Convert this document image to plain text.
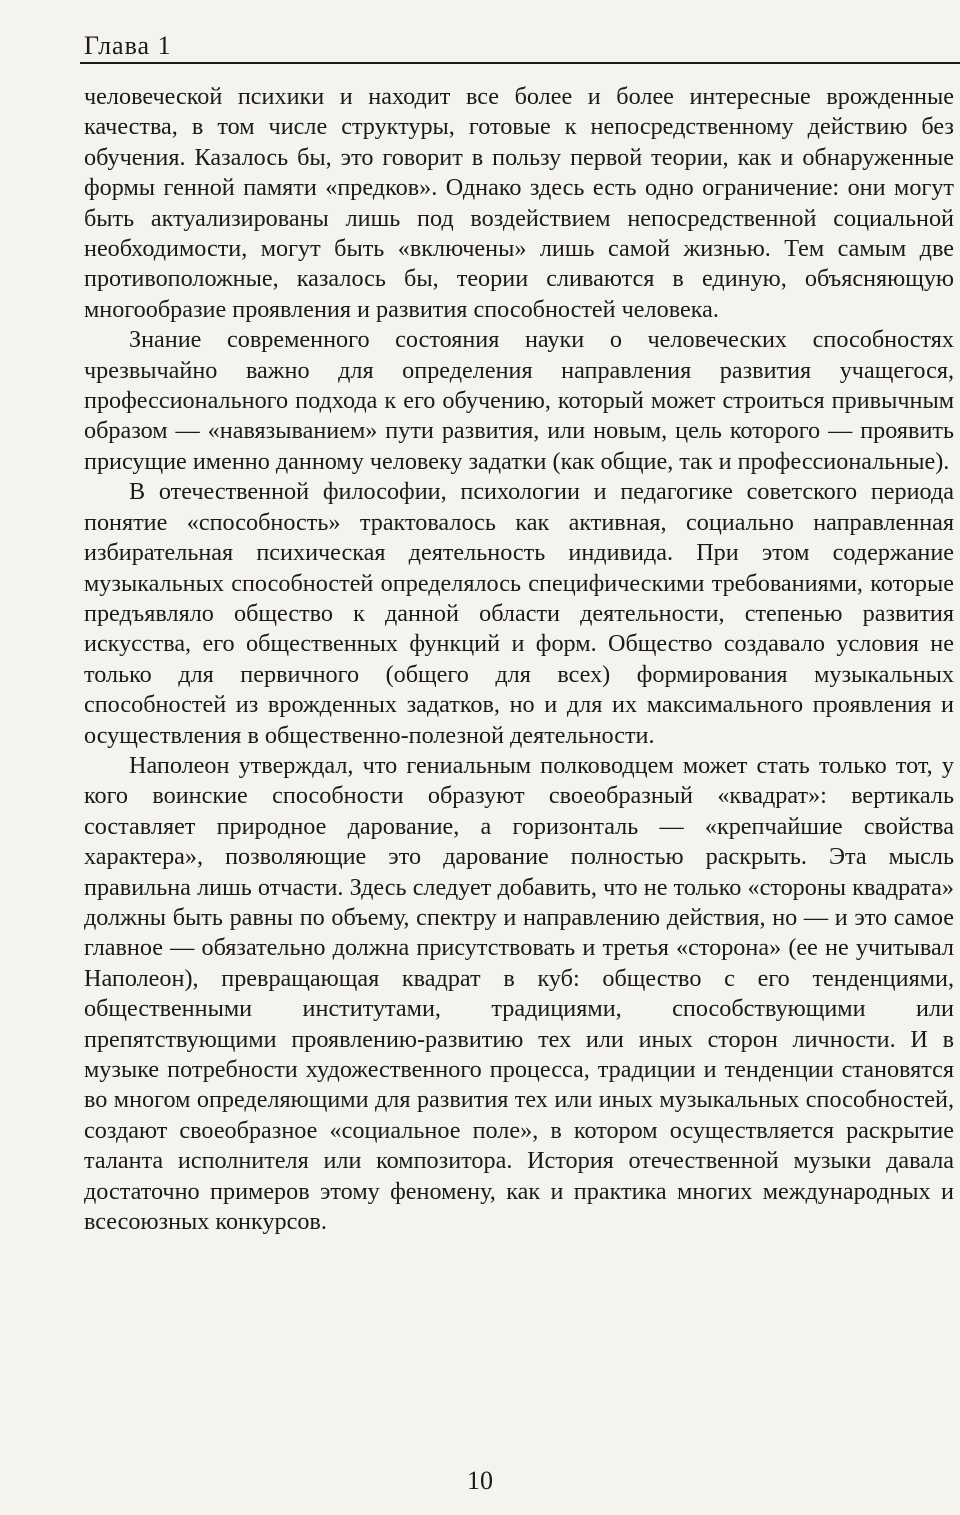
Глава 1

человеческой психики и находит все более и более интересные врожденные качества, в том числе структуры, готовые к непосредственному действию без обучения. Казалось бы, это говорит в пользу первой теории, как и обнаруженные формы генной памяти «предков». Однако здесь есть одно ограничение: они могут быть актуализированы лишь под воздействием непосредственной социальной необходимости, могут быть «включены» лишь самой жизнью. Тем самым две противоположные, казалось бы, теории сливаются в единую, объясняющую многообразие проявления и развития способностей человека.

Знание современного состояния науки о человеческих способностях чрезвычайно важно для определения направления развития учащегося, профессионального подхода к его обучению, который может строиться привычным образом — «навязыванием» пути развития, или новым, цель которого — проявить присущие именно данному человеку задатки (как общие, так и профессиональные).

В отечественной философии, психологии и педагогике советского периода понятие «способность» трактовалось как активная, социально направленная избирательная психическая деятельность индивида. При этом содержание музыкальных способностей определялось специфическими требованиями, которые предъявляло общество к данной области деятельности, степенью развития искусства, его общественных функций и форм. Общество создавало условия не только для первичного (общего для всех) формирования музыкальных способностей из врожденных задатков, но и для их максимального проявления и осуществления в общественно-полезной деятельности.

Наполеон утверждал, что гениальным полководцем может стать только тот, у кого воинские способности образуют своеобразный «квадрат»: вертикаль составляет природное дарование, а горизонталь — «крепчайшие свойства характера», позволяющие это дарование полностью раскрыть. Эта мысль правильна лишь отчасти. Здесь следует добавить, что не только «стороны квадрата» должны быть равны по объему, спектру и направлению действия, но — и это самое главное — обязательно должна присутствовать и третья «сторона» (ее не учитывал Наполеон), превращающая квадрат в куб: общество с его тенденциями, общественными институтами, традициями, способствующими или препятствующими проявлению-развитию тех или иных сторон личности. И в музыке потребности художественного процесса, традиции и тенденции становятся во многом определяющими для развития тех или иных музыкальных способностей, создают своеобразное «социальное поле», в котором осуществляется раскрытие таланта исполнителя или композитора. История отечественной музыки давала достаточно примеров этому феномену, как и практика многих международных и всесоюзных конкурсов.

10
